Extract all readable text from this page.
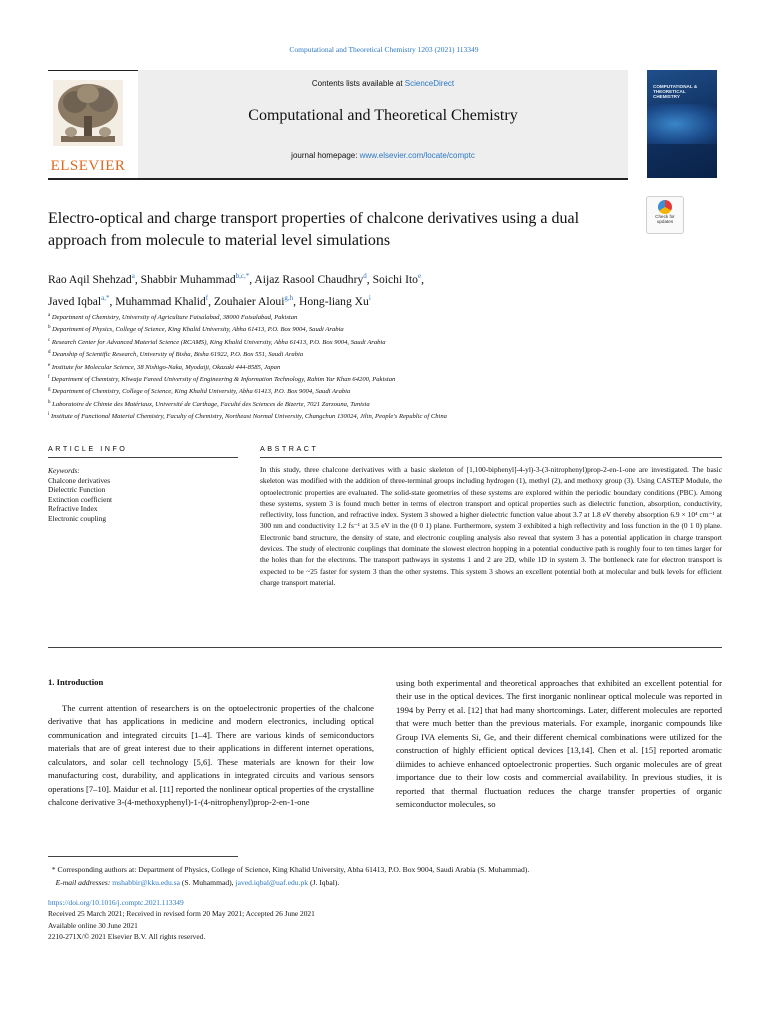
Computational and Theoretical Chemistry 1203 (2021) 113349
ELSEVIER
Contents lists available at ScienceDirect
Computational and Theoretical Chemistry
journal homepage: www.elsevier.com/locate/comptc
COMPUTATIONAL & THEORETICAL CHEMISTRY
Electro-optical and charge transport properties of chalcone derivatives using a dual approach from molecule to material level simulations
Check for
updates
Rao Aqil Shehzad$^a$, Shabbir Muhammad$^{b,c,*}$, Aijaz Rasool Chaudhry$^d$, Soichi Ito$^e$,
Javed Iqbal$^{a,*}$, Muhammad Khalid$^f$, Zouhaier Aloui$^{g,h}$, Hong-liang Xu$^i$
$^a$ Department of Chemistry, University of Agriculture Faisalabad, 38000 Faisalabad, Pakistan
$^b$ Department of Physics, College of Science, King Khalid University, Abha 61413, P.O. Box 9004, Saudi Arabia
$^c$ Research Center for Advanced Material Science (RCAMS), King Khalid University, Abha 61413, P.O. Box 9004, Saudi Arabia
$^d$ Deanship of Scientific Research, University of Bisha, Bisha 61922, P.O. Box 551, Saudi Arabia
$^e$ Institute for Molecular Science, 38 Nishigo-Naka, Myodaiji, Okazaki 444-8585, Japan
$^f$ Department of Chemistry, Khwaja Fareed University of Engineering & Information Technology, Rahim Yar Khan 64200, Pakistan
$^g$ Department of Chemistry, College of Science, King Khalid University, Abha 61413, P.O. Box 9004, Saudi Arabia
$^h$ Laboratoire de Chimie des Matériaux, Université de Carthage, Faculté des Sciences de Bizerte, 7021 Zarzouna, Tunisia
$^i$ Institute of Functional Material Chemistry, Faculty of Chemistry, Northeast Normal University, Changchun 130024, Jilin, People's Republic of China
ARTICLE INFO	ABSTRACT
Keywords:
Chalcone derivatives
Dielectric Function
Extinction coefficient
Refractive Index
Electronic coupling
In this study, three chalcone derivatives with a basic skeleton of [1,100-biphenyl]-4-yl)-3-(3-nitrophenyl)prop-2-en-1-one are investigated. The basic skeleton was modified with the addition of three-terminal groups including hydrogen (1), methyl (2), and methoxy group (3). Using CASTEP Module, the optoelectronic properties are evaluated. The solid-state geometries of these systems are explored within the periodic boundary conditions (PBC). Among these systems, system 3 is found much better in terms of electron transport and optical properties such as dielectric function, absorption, conductivity, reflectivity, loss function, and refractive index. System 3 showed a higher dielectric function value about 3.7 at 1.8 eV thereby absorption 6.9 × 10⁴ cm⁻¹ at 300 nm and conductivity 1.2 fs⁻¹ at 3.5 eV in the (0 0 1) plane. Furthermore, system 3 exhibited a high reflectivity and loss function in the (0 1 0) plane. Electronic band structure, the density of state, and electronic coupling analysis also reveal that system 3 has a potential application in charge transport devices. The study of electronic couplings that dominate the slowest electron hopping in a potential conductive path is roughly four to ten times larger for the holes than for the electrons. The transport pathways in systems 1 and 2 are 2D, while 1D in system 3. The bottleneck rate for electron transport is expected to be ~25 faster for system 3 than the other systems. This system 3 shows an excellent potential both at molecular and bulk levels for efficient charge transport material.
1. Introduction

The current attention of researchers is on the optoelectronic properties of the chalcone derivative that has applications in medicine and modern electronics, including optical communication and integrated circuits [1–4]. There are various kinds of semiconductors materials that are of great interest due to their applications in different internet operations, calculators, and solar cell technology [5,6]. These materials are known for their low manufacturing cost, durability, and applications in integrated circuits and various sensors operations [7–10]. Maidur et al. [11] reported the nonlinear optical properties of the crystalline chalcone derivative 3-(4-methoxyphenyl)-1-(4-nitrophenyl)prop-2-en-1-one

using both experimental and theoretical approaches that exhibited an excellent potential for their use in the optical devices. The first inorganic nonlinear optical molecule was reported in 1994 by Perry et al. [12] that had many shortcomings. Later, different molecules are reported that were much better than the previous materials. For example, inorganic compounds like Group IVA elements Si, Ge, and their different chemical combinations were utilized for the construction of highly efficient optical devices [13,14]. Chen et al. [15] reported aromatic diimides to achieve enhanced optoelectronic properties. Such organic molecules are of great importance due to their low costs and commercial availability. In previous studies, it is reported that thermal fluctuation reduces the charge transfer properties of organic semiconductor molecules, so

* Corresponding authors at: Department of Physics, College of Science, King Khalid University, Abha 61413, P.O. Box 9004, Saudi Arabia (S. Muhammad).
E-mail addresses: mshabbir@kku.edu.sa (S. Muhammad), javed.iqbal@uaf.edu.pk (J. Iqbal).
https://doi.org/10.1016/j.comptc.2021.113349
Received 25 March 2021; Received in revised form 20 May 2021; Accepted 26 June 2021
Available online 30 June 2021
2210-271X/© 2021 Elsevier B.V. All rights reserved.
